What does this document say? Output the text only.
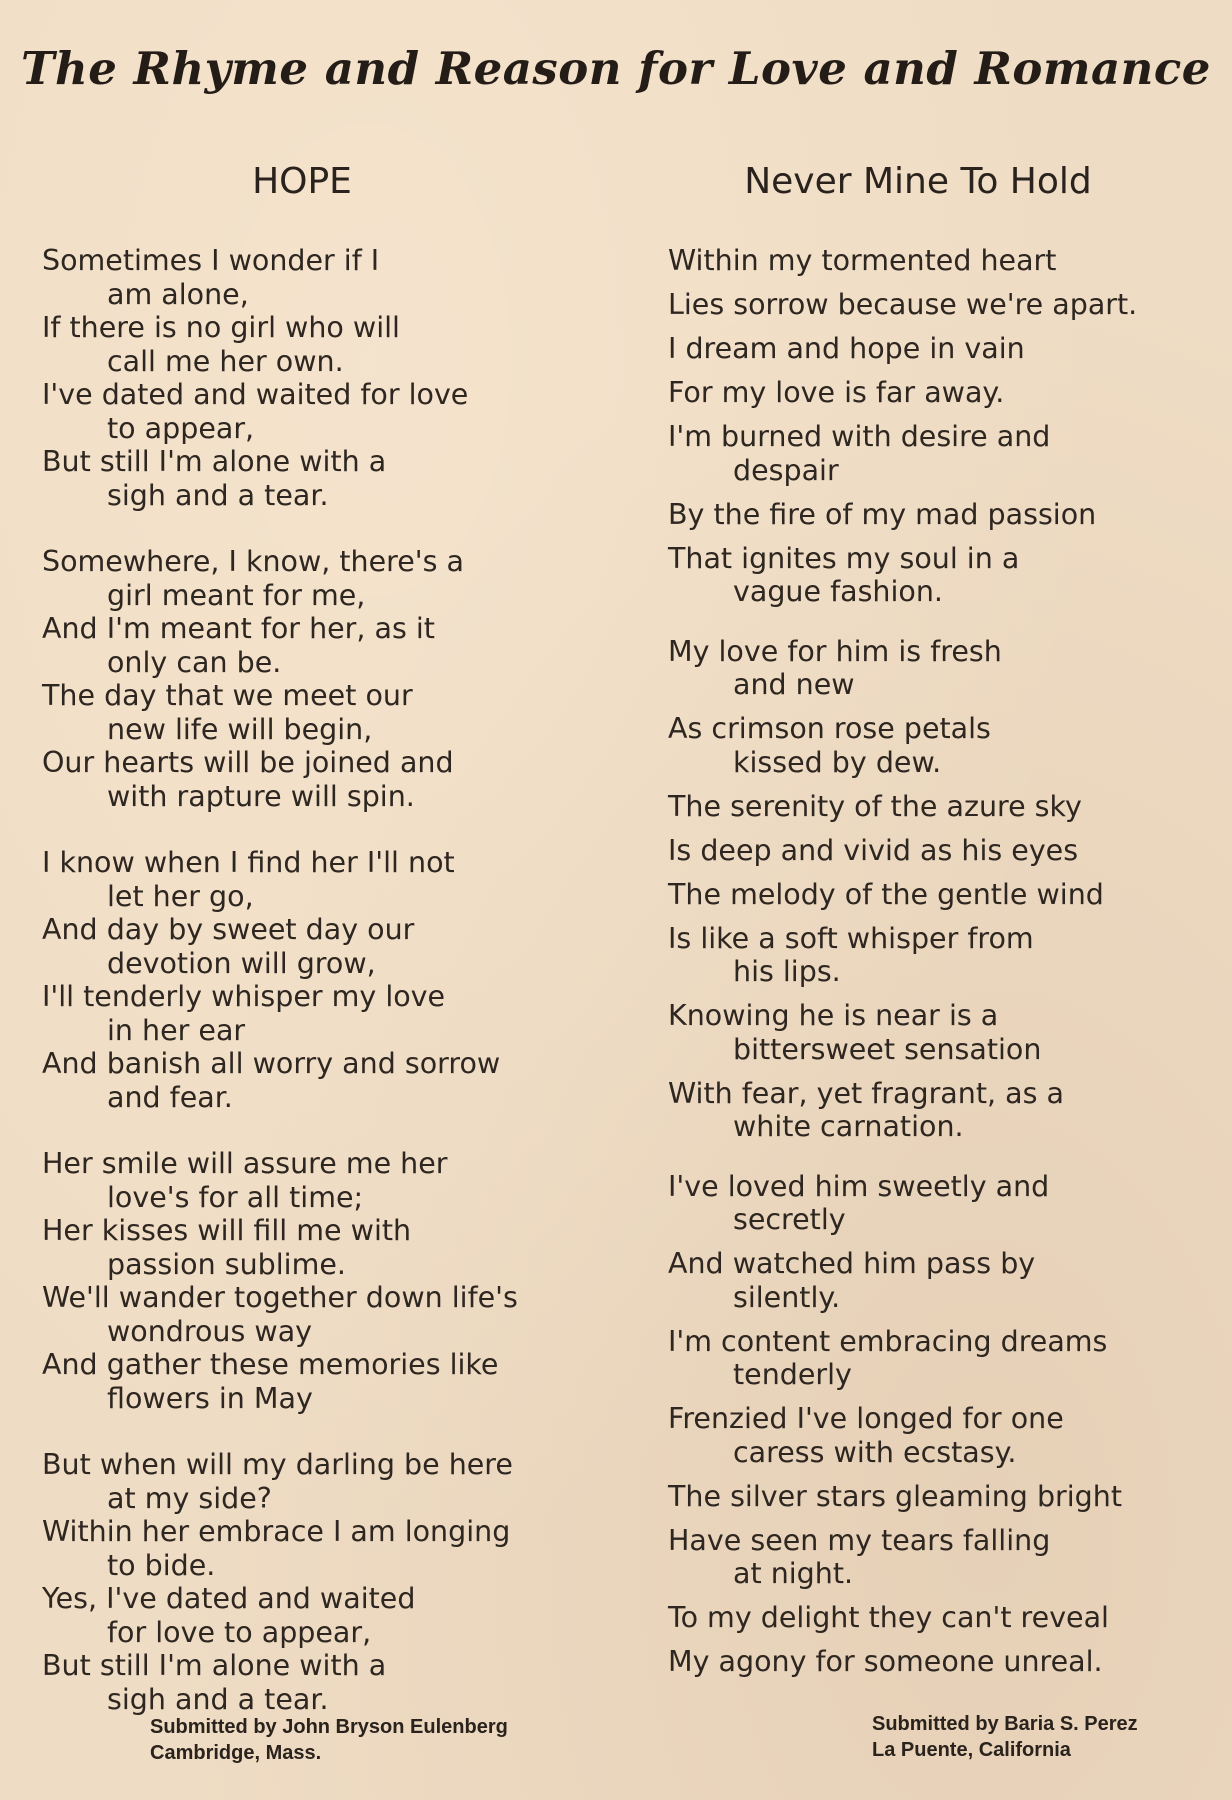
The Rhyme and Reason for Love and Romance
HOPE
Sometimes I wonder if I
am alone,
If there is no girl who will
call me her own.
I've dated and waited for love
to appear,
But still I'm alone with a
sigh and a tear.
Somewhere, I know, there's a
girl meant for me,
And I'm meant for her, as it
only can be.
The day that we meet our
new life will begin,
Our hearts will be joined and
with rapture will spin.
I know when I find her I'll not
let her go,
And day by sweet day our
devotion will grow,
I'll tenderly whisper my love
in her ear
And banish all worry and sorrow
and fear.
Her smile will assure me her
love's for all time;
Her kisses will fill me with
passion sublime.
We'll wander together down life's
wondrous way
And gather these memories like
flowers in May
But when will my darling be here
at my side?
Within her embrace I am longing
to bide.
Yes, I've dated and waited
for love to appear,
But still I'm alone with a
sigh and a tear.
Never Mine To Hold
Within my tormented heart
Lies sorrow because we're apart.
I dream and hope in vain
For my love is far away.
I'm burned with desire and
despair
By the fire of my mad passion
That ignites my soul in a
vague fashion.
My love for him is fresh
and new
As crimson rose petals
kissed by dew.
The serenity of the azure sky
Is deep and vivid as his eyes
The melody of the gentle wind
Is like a soft whisper from
his lips.
Knowing he is near is a
bittersweet sensation
With fear, yet fragrant, as a
white carnation.
I've loved him sweetly and
secretly
And watched him pass by
silently.
I'm content embracing dreams
tenderly
Frenzied I've longed for one
caress with ecstasy.
The silver stars gleaming bright
Have seen my tears falling
at night.
To my delight they can't reveal
My agony for someone unreal.
Submitted by John Bryson Eulenberg
Cambridge, Mass.
Submitted by Baria S. Perez
La Puente, California
